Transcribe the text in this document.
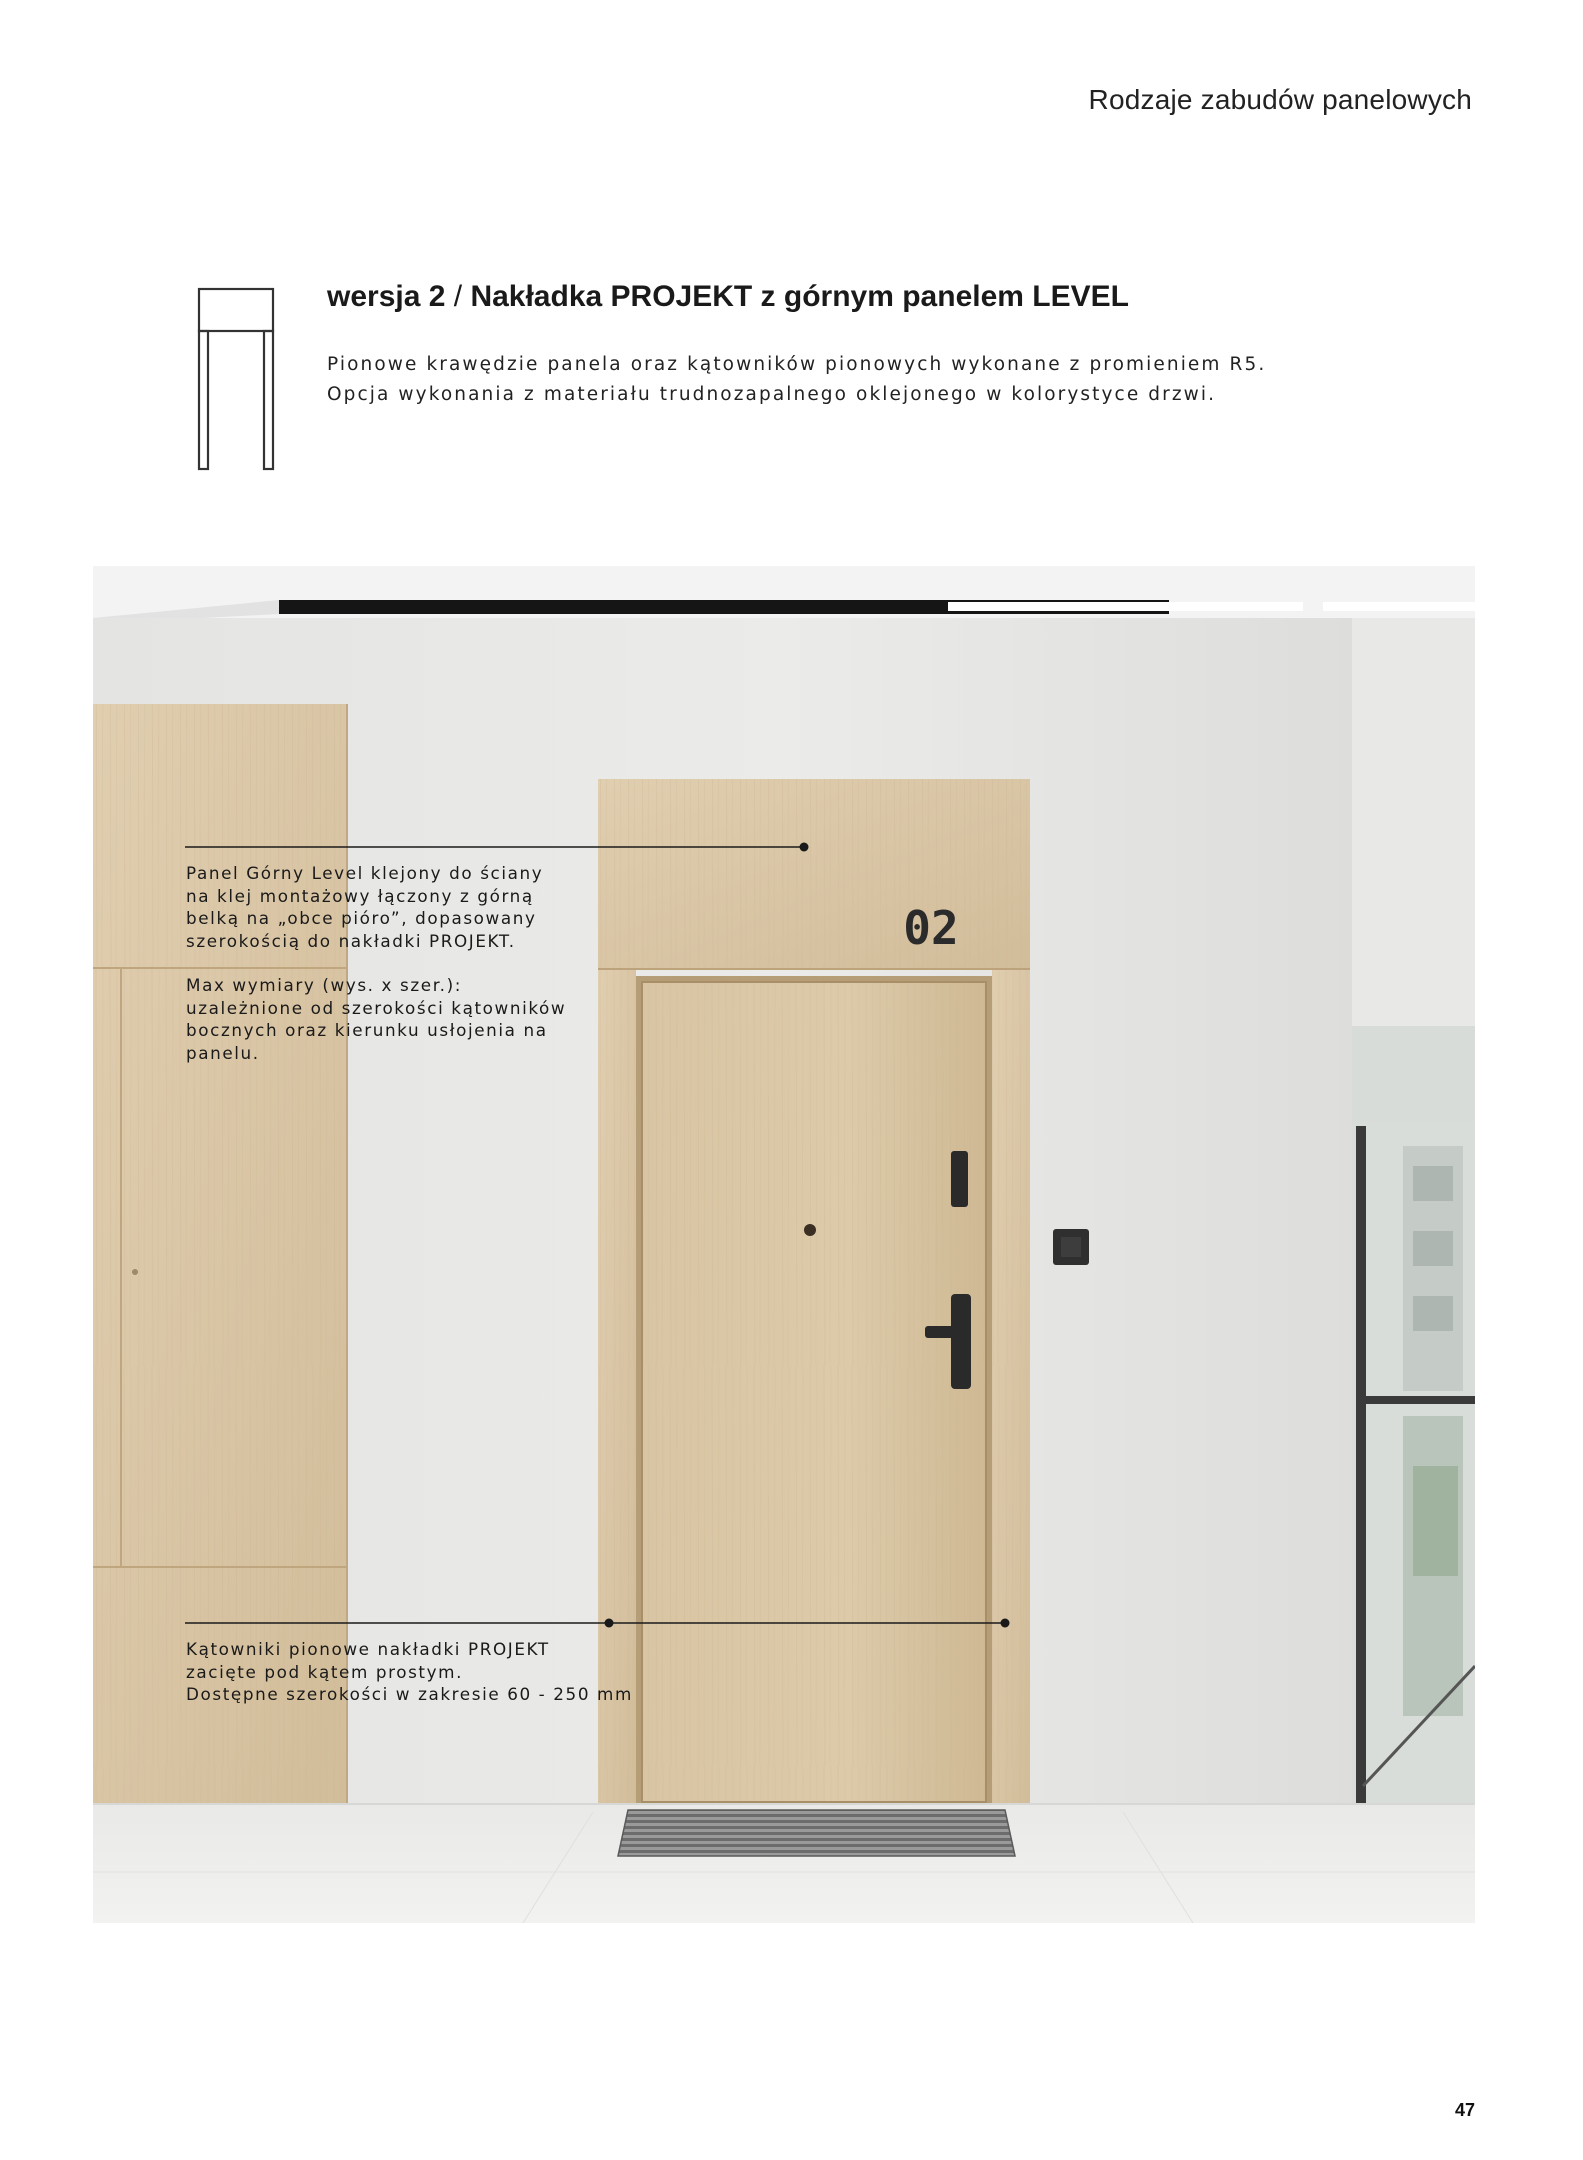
Rodzaje zabudów panelowych
wersja 2 / Nakładka PROJEKT z górnym panelem LEVEL
Pionowe krawędzie panela oraz kątowników pionowych wykonane z promieniem R5.
Opcja wykonania z materiału trudnozapalnego oklejonego w kolorystyce drzwi.
02
Panel Górny Level klejony do ściany
na klej montażowy łączony z górną
belką na „obce pióro”, dopasowany
szerokością do nakładki PROJEKT.
Max wymiary (wys. x szer.):
uzależnione od szerokości kątowników
bocznych oraz kierunku usłojenia na
panelu.
Kątowniki pionowe nakładki PROJEKT
zacięte pod kątem prostym.
Dostępne szerokości w zakresie 60 - 250 mm
47
